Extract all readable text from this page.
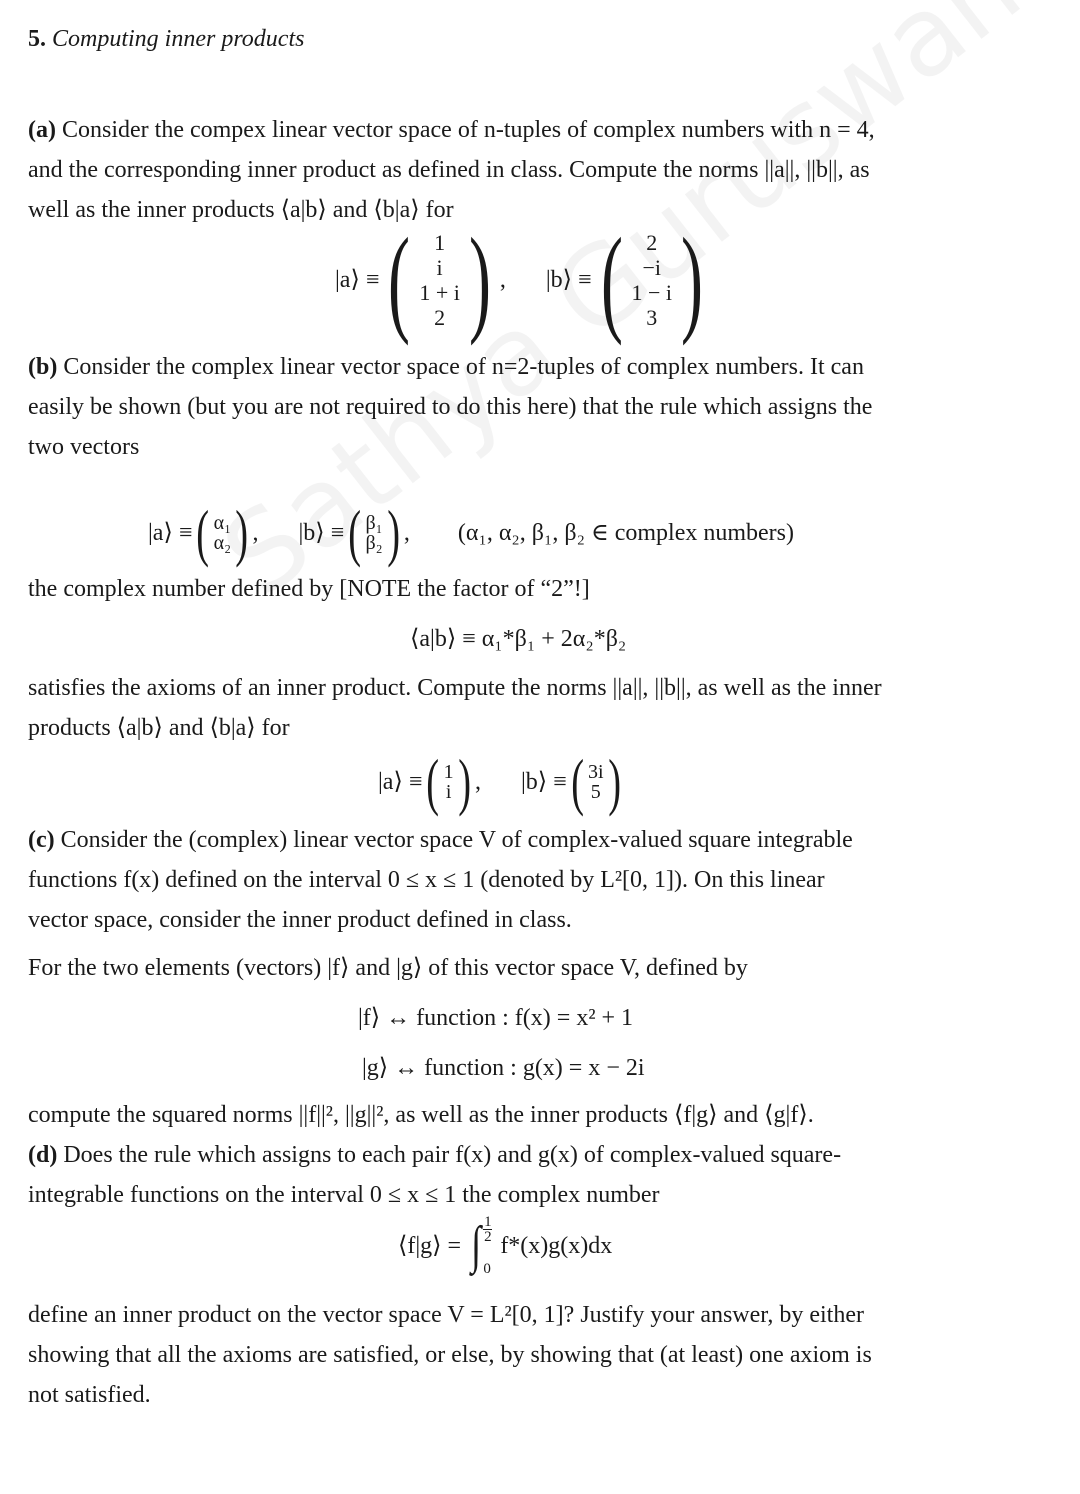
5. Computing inner products
(a) Consider the compex linear vector space of n-tuples of complex numbers with n = 4,
and the corresponding inner product as defined in class. Compute the norms ||a||, ||b||, as
well as the inner products ⟨a|b⟩ and ⟨b|a⟩ for
|a⟩ ≡ ( 1
i
1 + i
2 ) , |b⟩ ≡ ( 2
−i
1 − i
3 )
(b) Consider the complex linear vector space of n=2-tuples of complex numbers. It can
easily be shown (but you are not required to do this here) that the rule which assigns the
two vectors
|a⟩ ≡ ( α₁
α₂ ) , |b⟩ ≡ ( β₁
β₂ ) , (α₁, α₂, β₁, β₂ ∈ complex numbers)
the complex number defined by [NOTE the factor of “2”!]
⟨a|b⟩ ≡ α₁*β₁ + 2α₂*β₂
satisfies the axioms of an inner product. Compute the norms ||a||, ||b||, as well as the inner
products ⟨a|b⟩ and ⟨b|a⟩ for
|a⟩ ≡ ( 1
i ) , |b⟩ ≡ ( 3i
5 )
(c) Consider the (complex) linear vector space V of complex-valued square integrable
functions f(x) defined on the interval 0 ≤ x ≤ 1 (denoted by L²[0, 1]). On this linear
vector space, consider the inner product defined in class.
For the two elements (vectors) |f⟩ and |g⟩ of this vector space V, defined by
|f⟩ ↔ function : f(x) = x² + 1
|g⟩ ↔ function : g(x) = x − 2i
compute the squared norms ||f||², ||g||², as well as the inner products ⟨f|g⟩ and ⟨g|f⟩.
(d) Does the rule which assigns to each pair f(x) and g(x) of complex-valued square-
integrable functions on the interval 0 ≤ x ≤ 1 the complex number
⟨f|g⟩ = ∫ $\frac{1}{2}$
0
f*(x)g(x)dx
define an inner product on the vector space V = L²[0, 1]? Justify your answer, by either
showing that all the axioms are satisfied, or else, by showing that (at least) one axiom is
not satisfied.
